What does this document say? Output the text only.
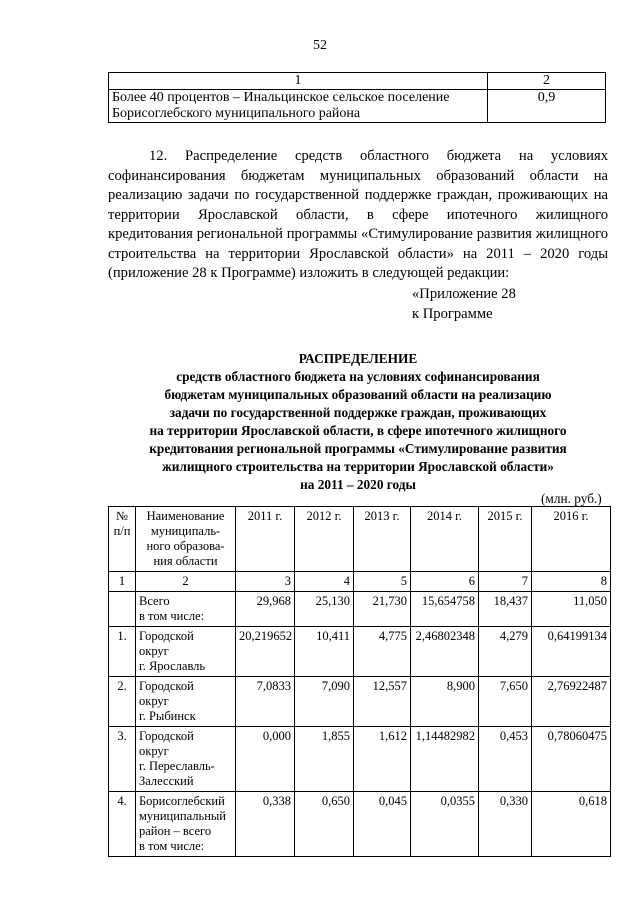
52
1	2

Более 40 процентов – Инальцинское сельское поселение
Борисоглебского муниципального района	0,9

12. Распределение средств областного бюджета на условиях софинансирования бюджетам муниципальных образований области на реализацию задачи по государственной поддержке граждан, проживающих на территории Ярославской области, в сфере ипотечного жилищного кредитования региональной программы «Стимулирование развития жилищного строительства на территории Ярославской области» на 2011 – 2020 годы (приложение 28 к Программе) изложить в следующей редакции:

«Приложение 28
к Программе
РАСПРЕДЕЛЕНИЕ
средств областного бюджета на условиях софинансирования
бюджетам муниципальных образований области на реализацию
задачи по государственной поддержке граждан, проживающих
на территории Ярославской области, в сфере ипотечного жилищного
кредитования региональной программы «Стимулирование развития
жилищного строительства на территории Ярославской области»
на 2011 – 2020 годы
(млн. руб.)
№ п/п	Наименование муниципаль-ного образова-ния области	2011 г.	2012 г.	2013 г.	2014 г.	2015 г.	2016 г.
1	2	3	4	5	6	7	8
	Всего
в том числе:	29,968	25,130	21,730	15,654758	18,437	11,050
1.	Городской
округ
г. Ярославль	20,219652	10,411	4,775	2,46802348	4,279	0,64199134
2.	Городской
округ
г. Рыбинск	7,0833	7,090	12,557	8,900	7,650	2,76922487
3.	Городской
округ
г. Переславль-
Залесский	0,000	1,855	1,612	1,14482982	0,453	0,78060475
4.	Борисоглебский
муниципальный
район – всего
в том числе:	0,338	0,650	0,045	0,0355	0,330	0,618
